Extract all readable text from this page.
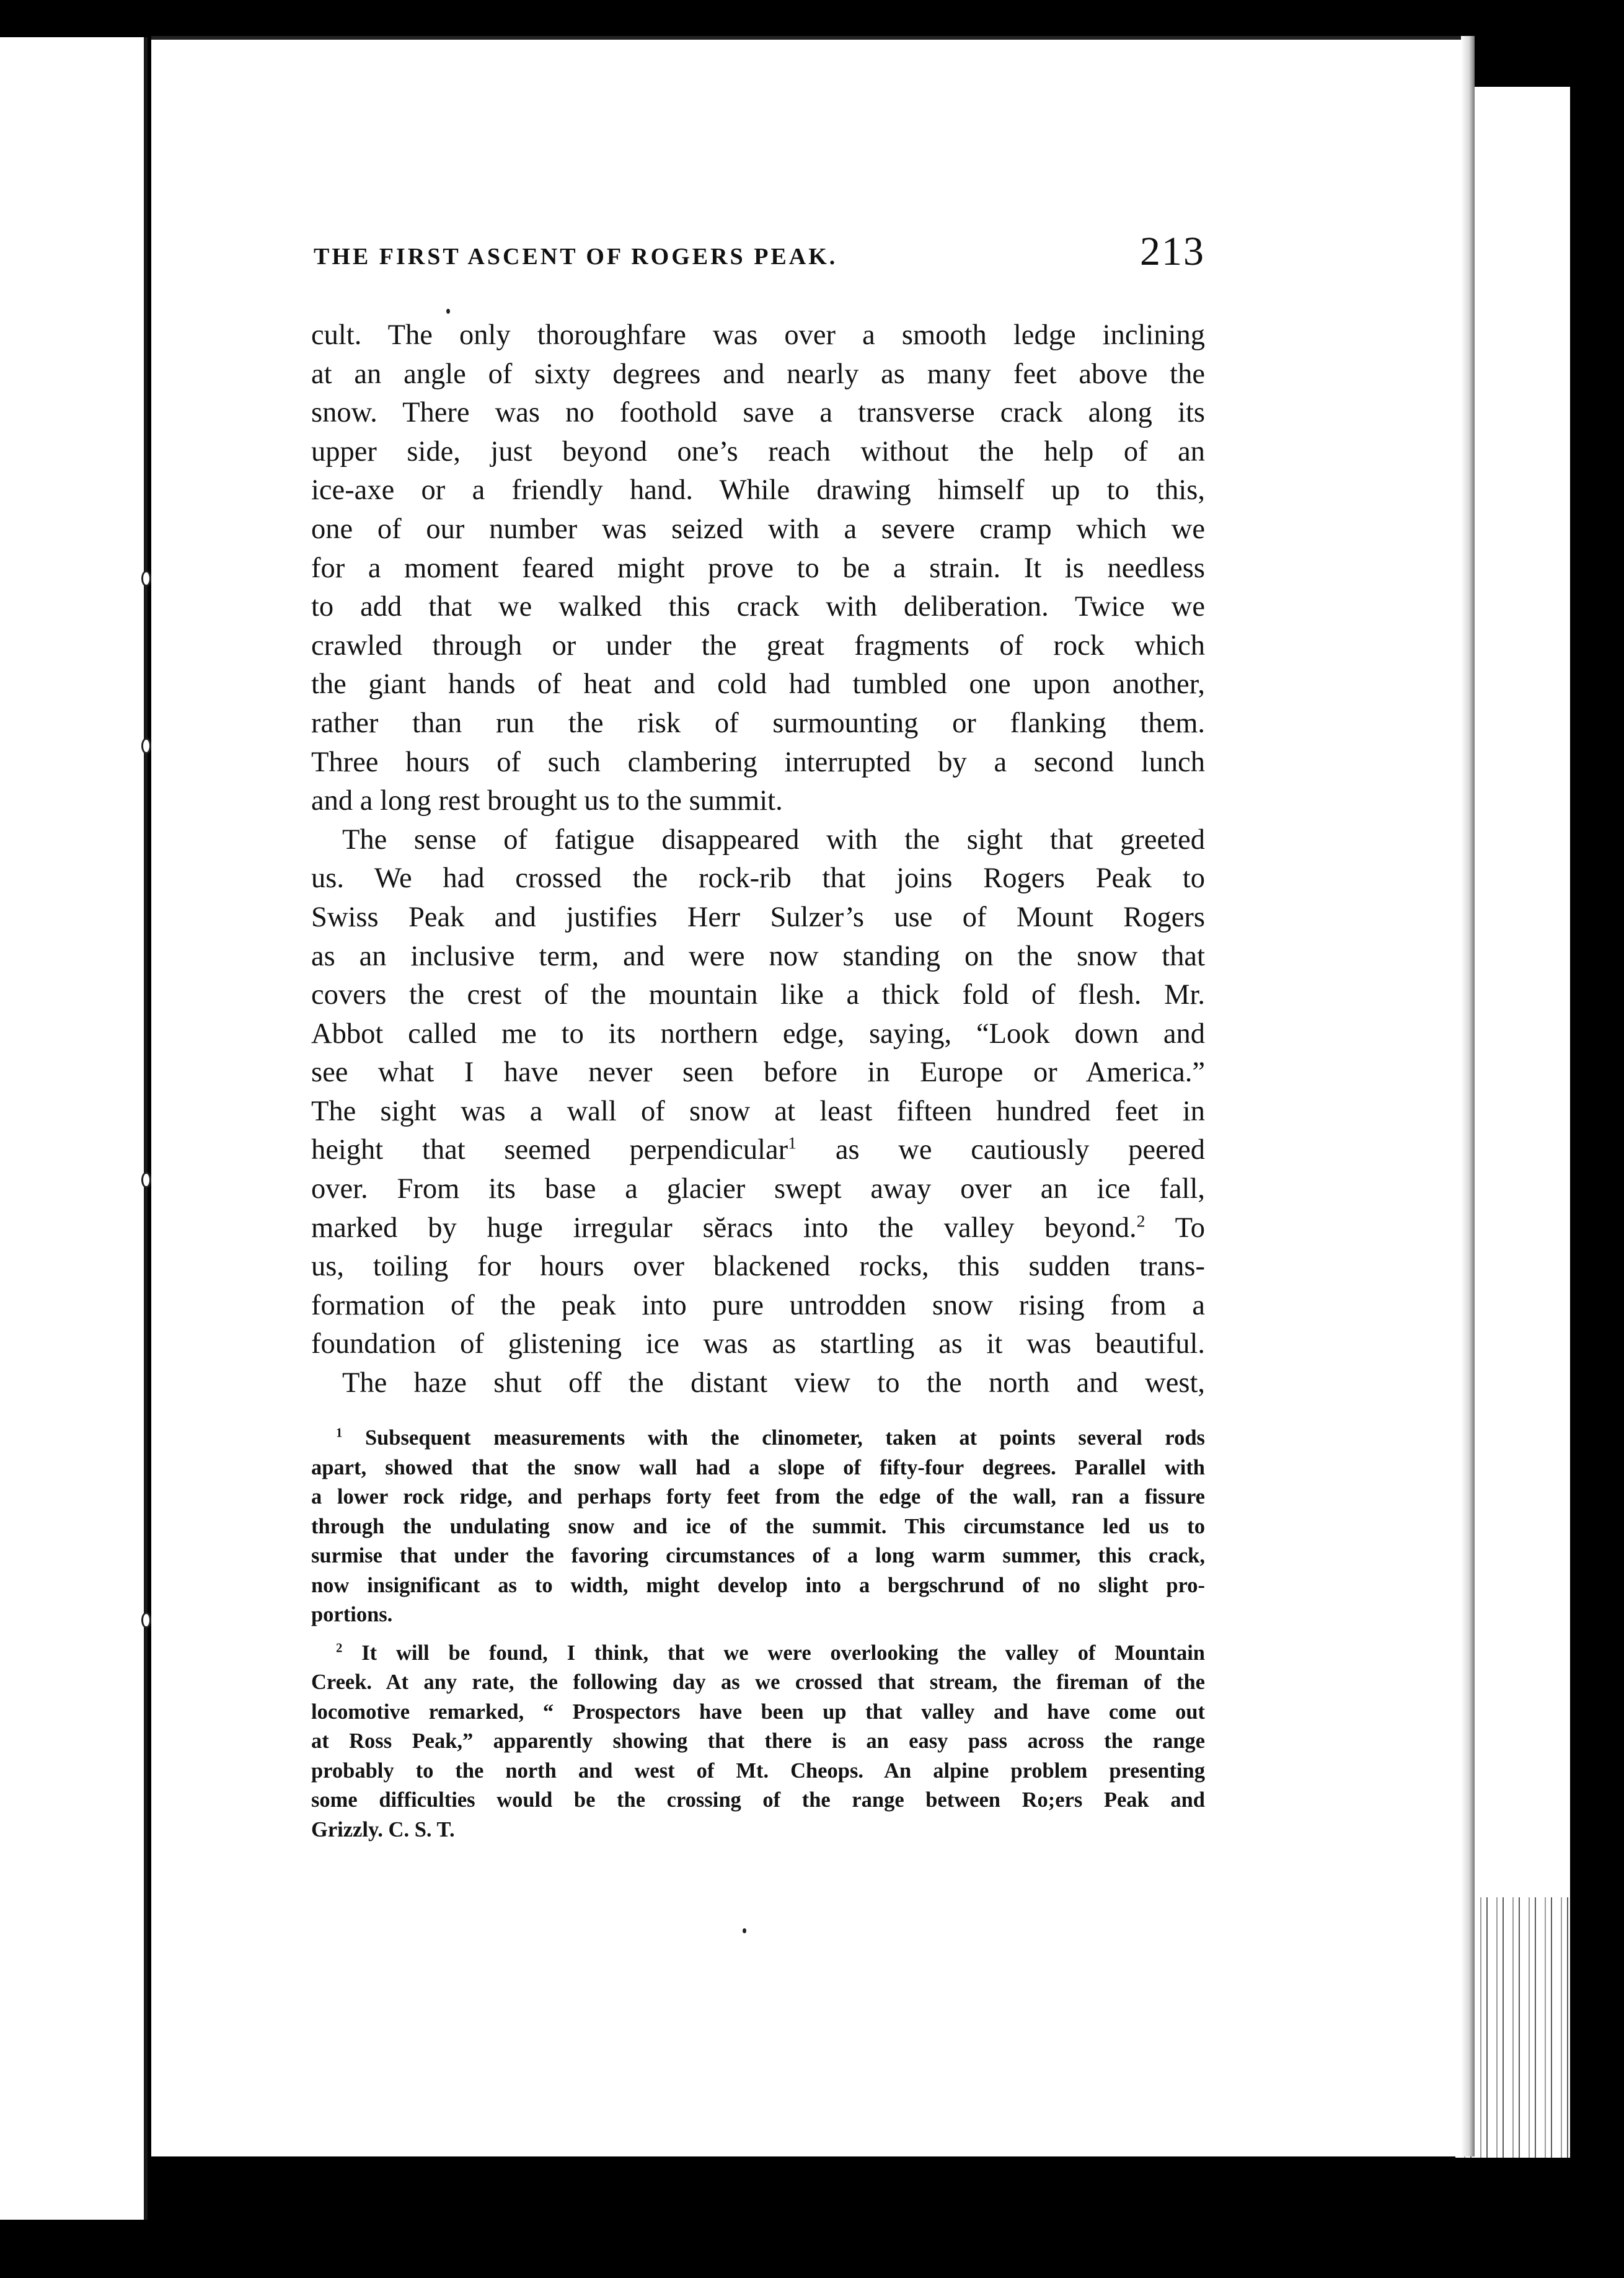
THE FIRST ASCENT OF ROGERS PEAK.	213
cult. The only thoroughfare was over a smooth ledge inclining
at an angle of sixty degrees and nearly as many feet above the
snow. There was no foothold save a transverse crack along its
upper side, just beyond one’s reach without the help of an
ice-axe or a friendly hand. While drawing himself up to this,
one of our number was seized with a severe cramp which we
for a moment feared might prove to be a strain. It is needless
to add that we walked this crack with deliberation. Twice we
crawled through or under the great fragments of rock which
the giant hands of heat and cold had tumbled one upon another,
rather than run the risk of surmounting or flanking them.
Three hours of such clambering interrupted by a second lunch
and a long rest brought us to the summit.
The sense of fatigue disappeared with the sight that greeted
us. We had crossed the rock-rib that joins Rogers Peak to
Swiss Peak and justifies Herr Sulzer’s use of Mount Rogers
as an inclusive term, and were now standing on the snow that
covers the crest of the mountain like a thick fold of flesh. Mr.
Abbot called me to its northern edge, saying, “Look down and
see what I have never seen before in Europe or America.”
The sight was a wall of snow at least fifteen hundred feet in
height that seemed perpendicular$^1$ as we cautiously peered
over. From its base a glacier swept away over an ice fall,
marked by huge irregular sĕracs into the valley beyond.$^2$ To
us, toiling for hours over blackened rocks, this sudden trans-
formation of the peak into pure untrodden snow rising from a
foundation of glistening ice was as startling as it was beautiful.
The haze shut off the distant view to the north and west,
$^1$ Subsequent measurements with the clinometer, taken at points several rods
apart, showed that the snow wall had a slope of fifty-four degrees. Parallel with
a lower rock ridge, and perhaps forty feet from the edge of the wall, ran a fissure
through the undulating snow and ice of the summit. This circumstance led us to
surmise that under the favoring circumstances of a long warm summer, this crack,
now insignificant as to width, might develop into a bergschrund of no slight pro-
portions.
$^2$ It will be found, I think, that we were overlooking the valley of Mountain
Creek. At any rate, the following day as we crossed that stream, the fireman of the
locomotive remarked, “ Prospectors have been up that valley and have come out
at Ross Peak,” apparently showing that there is an easy pass across the range
probably to the north and west of Mt. Cheops. An alpine problem presenting
some difficulties would be the crossing of the range between Ro;ers Peak and
Grizzly. C. S. T.
